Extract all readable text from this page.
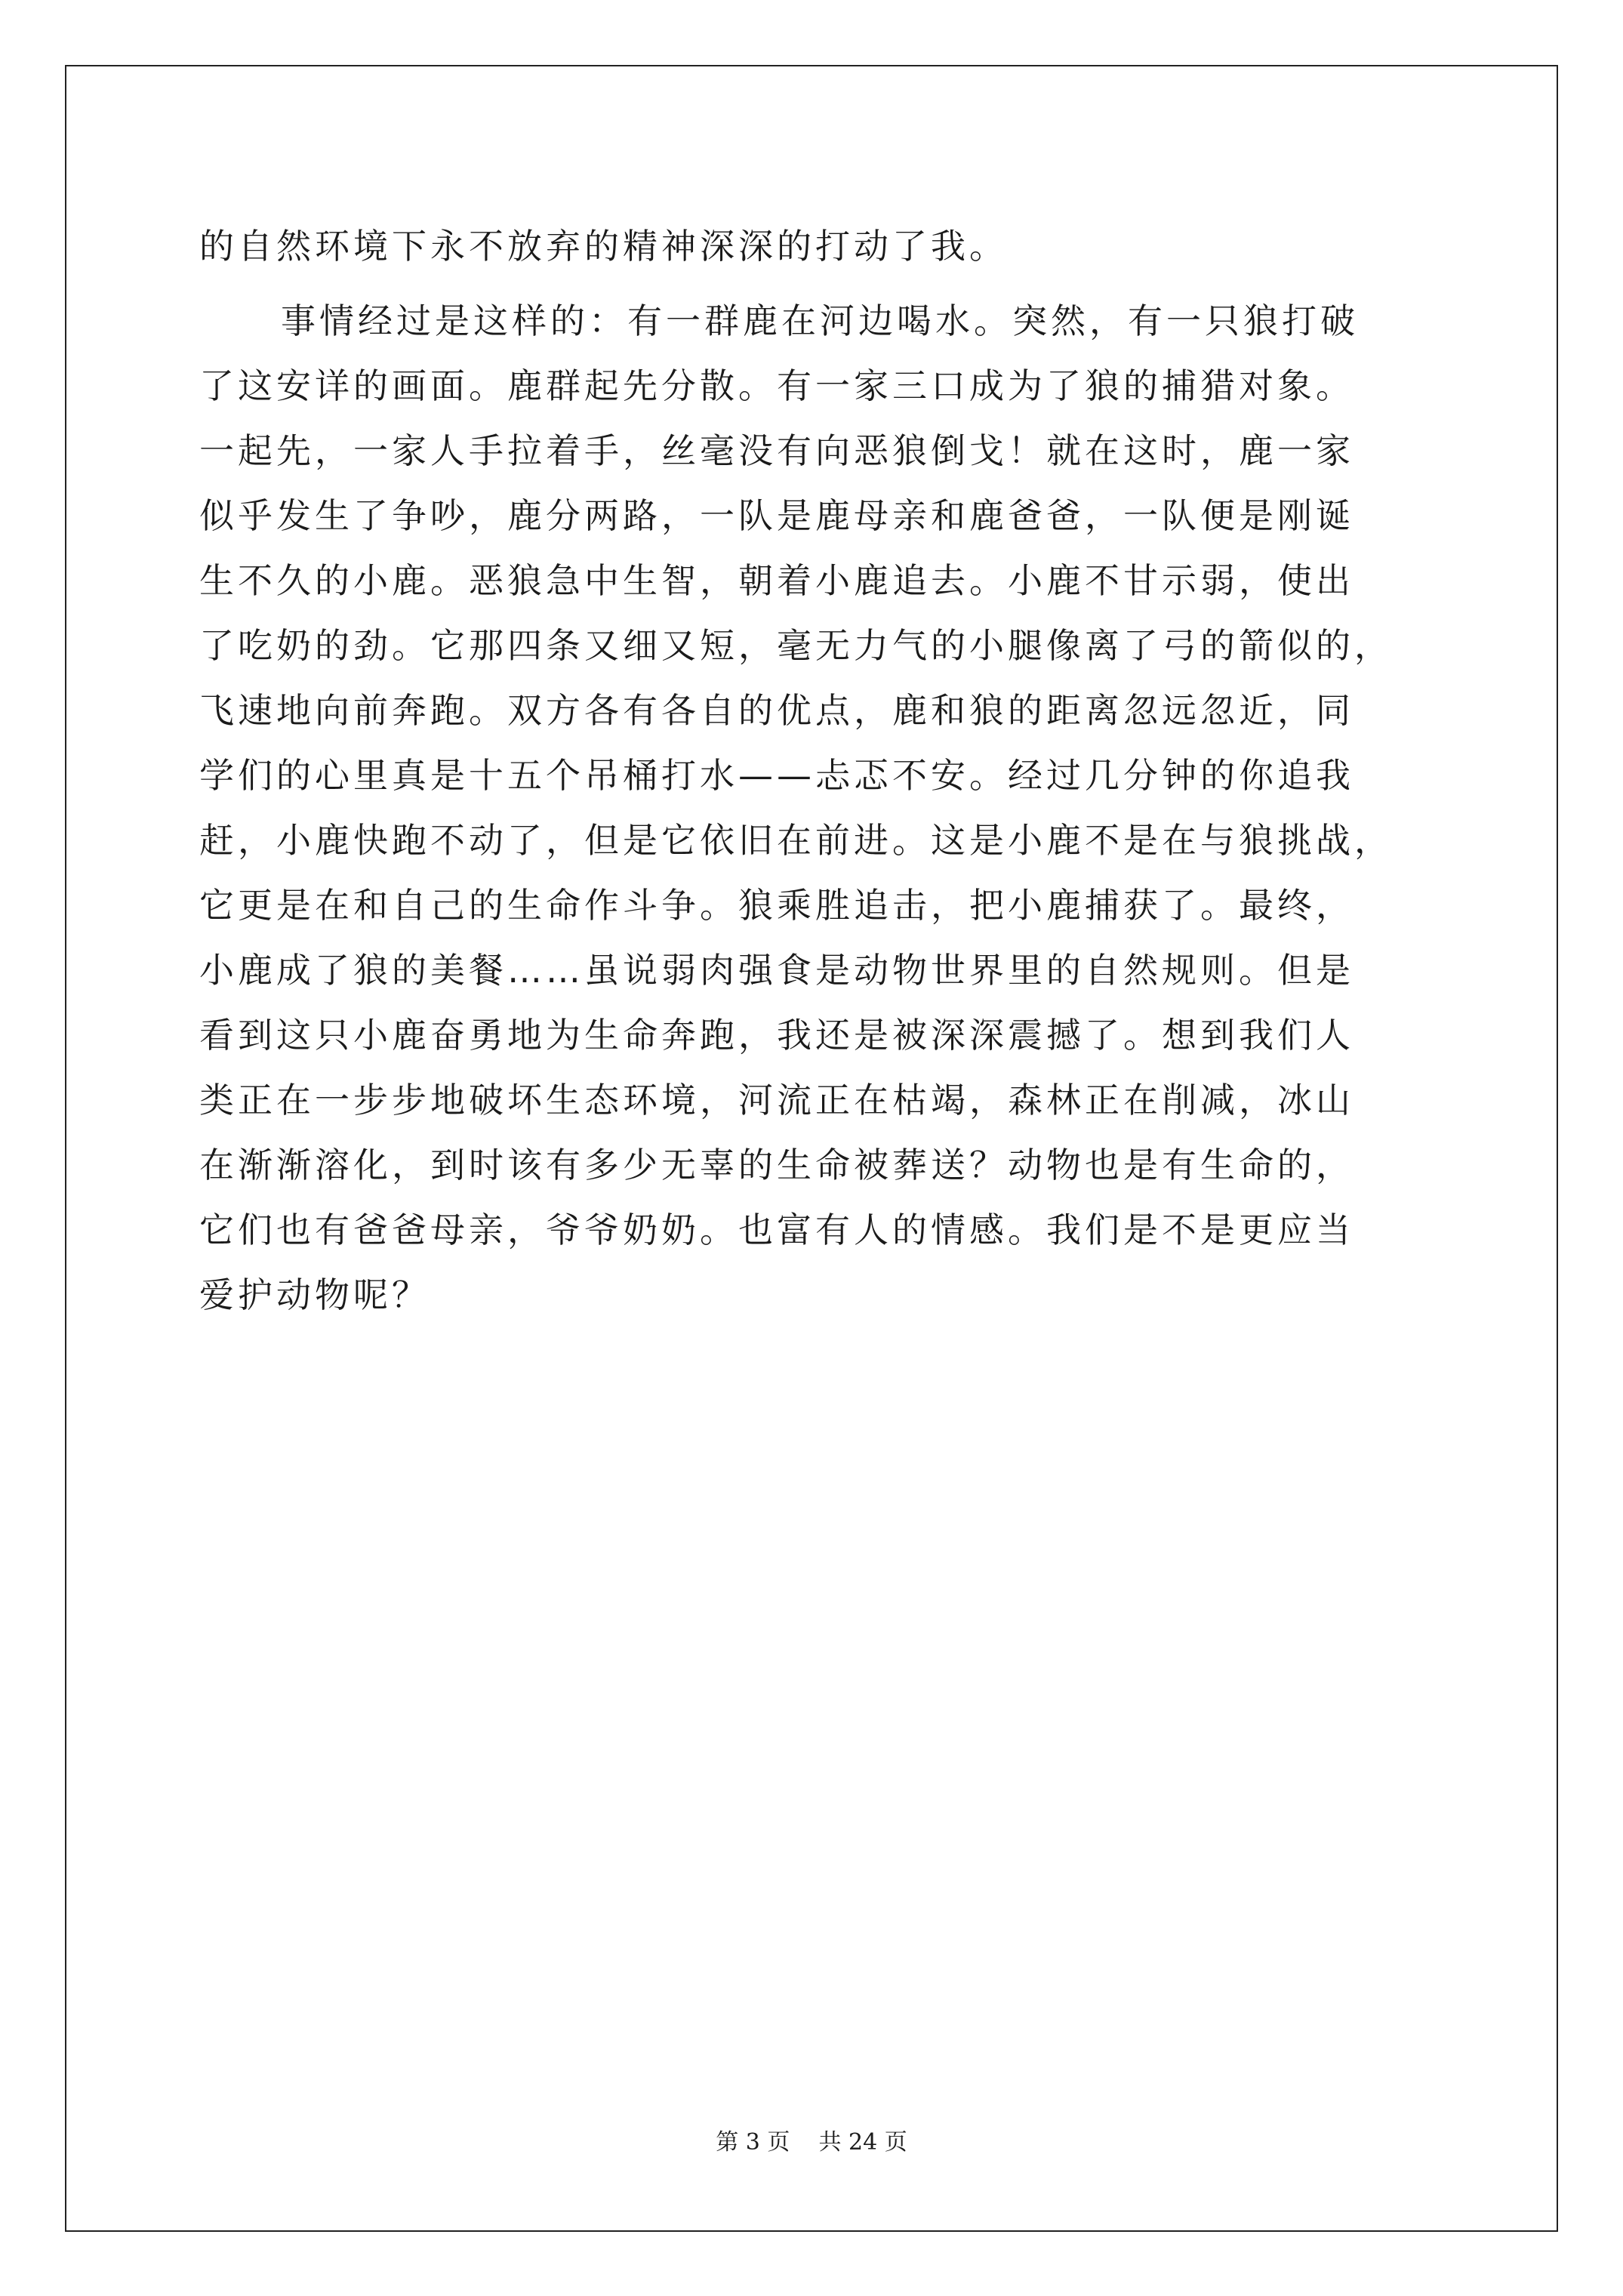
的自然环境下永不放弃的精神深深的打动了我。
事情经过是这样的：有一群鹿在河边喝水。突然，有一只狼打破
了这安详的画面。鹿群起先分散。有一家三口成为了狼的捕猎对象。
一起先，一家人手拉着手，丝毫没有向恶狼倒戈！就在这时，鹿一家
似乎发生了争吵，鹿分两路，一队是鹿母亲和鹿爸爸，一队便是刚诞
生不久的小鹿。恶狼急中生智，朝着小鹿追去。小鹿不甘示弱，使出
了吃奶的劲。它那四条又细又短，毫无力气的小腿像离了弓的箭似的，
飞速地向前奔跑。双方各有各自的优点，鹿和狼的距离忽远忽近，同
学们的心里真是十五个吊桶打水——忐忑不安。经过几分钟的你追我
赶，小鹿快跑不动了，但是它依旧在前进。这是小鹿不是在与狼挑战，
它更是在和自己的生命作斗争。狼乘胜追击，把小鹿捕获了。最终，
小鹿成了狼的美餐……虽说弱肉强食是动物世界里的自然规则。但是
看到这只小鹿奋勇地为生命奔跑，我还是被深深震撼了。想到我们人
类正在一步步地破坏生态环境，河流正在枯竭，森林正在削减，冰山
在渐渐溶化，到时该有多少无辜的生命被葬送？动物也是有生命的，
它们也有爸爸母亲，爷爷奶奶。也富有人的情感。我们是不是更应当
爱护动物呢？
第 3 页    共 24 页
